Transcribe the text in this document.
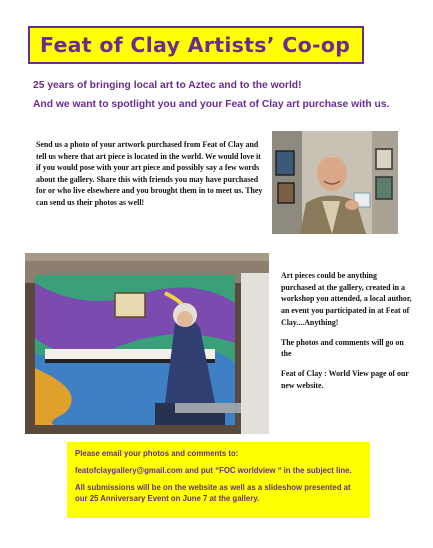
Feat of Clay Artists’ Co-op

25 years of bringing local art to Aztec and to the world!

And we want to spotlight you and your Feat of Clay art purchase with us.

Send us a photo of your artwork purchased from Feat of Clay and tell us where that art piece is located in the world. We would love it if you would pose with your art piece and possibly say a few words about the gallery. Share this with friends you may have purchased for or who live elsewhere and you brought them in to meet us. They can send us their photos as well!

Art pieces could be anything purchased at the gallery, created in a workshop you attended, a local author, an event you participated in at Feat of Clay....Anything!

The photos and comments will go on the

Feat of Clay : World View page of our new website.

Please email your photos and comments to:

featofclaygallery@gmail.com and put “FOC worldview “ in the subject line.

All submissions will be on the website as well as a slideshow presented at our 25 Anniversary Event on June 7 at the gallery.
